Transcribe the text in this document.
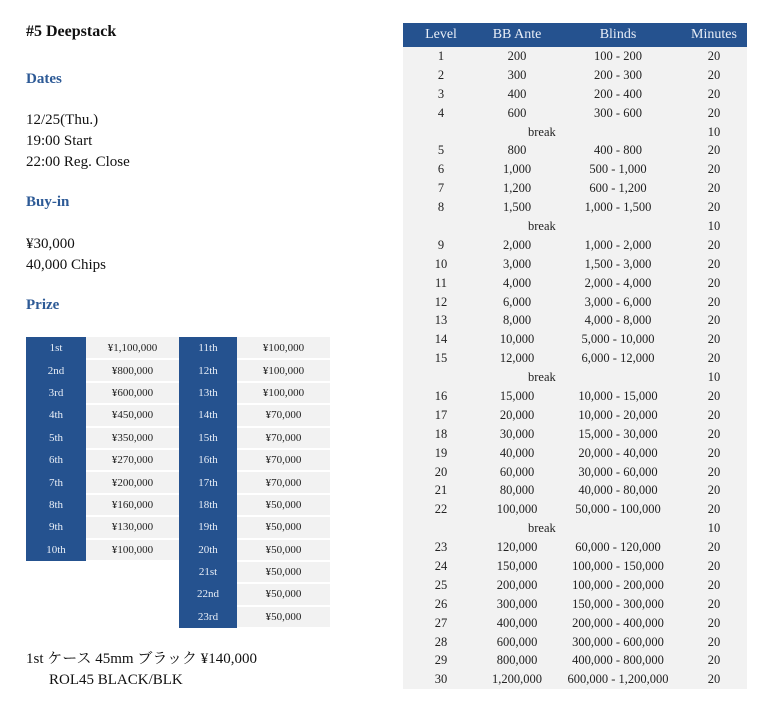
#5 Deepstack
Dates
12/25(Thu.)
19:00 Start
22:00 Reg. Close
Buy-in
¥30,000
40,000 Chips
Prize
1st	¥1,100,000
2nd	¥800,000
3rd	¥600,000
4th	¥450,000
5th	¥350,000
6th	¥270,000
7th	¥200,000
8th	¥160,000
9th	¥130,000
10th	¥100,000
11th	¥100,000
12th	¥100,000
13th	¥100,000
14th	¥70,000
15th	¥70,000
16th	¥70,000
17th	¥70,000
18th	¥50,000
19th	¥50,000
20th	¥50,000
21st	¥50,000
22nd	¥50,000
23rd	¥50,000
1st ケース 45mm ブラック ¥140,000
ROL45 BLACK/BLK
Level	BB Ante	Blinds	Minutes
1	200	100 - 200	20
2	300	200 - 300	20
3	400	200 - 400	20
4	600	300 - 600	20
	break		10
5	800	400 - 800	20
6	1,000	500 - 1,000	20
7	1,200	600 - 1,200	20
8	1,500	1,000 - 1,500	20
	break		10
9	2,000	1,000 - 2,000	20
10	3,000	1,500 - 3,000	20
11	4,000	2,000 - 4,000	20
12	6,000	3,000 - 6,000	20
13	8,000	4,000 - 8,000	20
14	10,000	5,000 - 10,000	20
15	12,000	6,000 - 12,000	20
	break		10
16	15,000	10,000 - 15,000	20
17	20,000	10,000 - 20,000	20
18	30,000	15,000 - 30,000	20
19	40,000	20,000 - 40,000	20
20	60,000	30,000 - 60,000	20
21	80,000	40,000 - 80,000	20
22	100,000	50,000 - 100,000	20
	break		10
23	120,000	60,000 - 120,000	20
24	150,000	100,000 - 150,000	20
25	200,000	100,000 - 200,000	20
26	300,000	150,000 - 300,000	20
27	400,000	200,000 - 400,000	20
28	600,000	300,000 - 600,000	20
29	800,000	400,000 - 800,000	20
30	1,200,000	600,000 - 1,200,000	20
